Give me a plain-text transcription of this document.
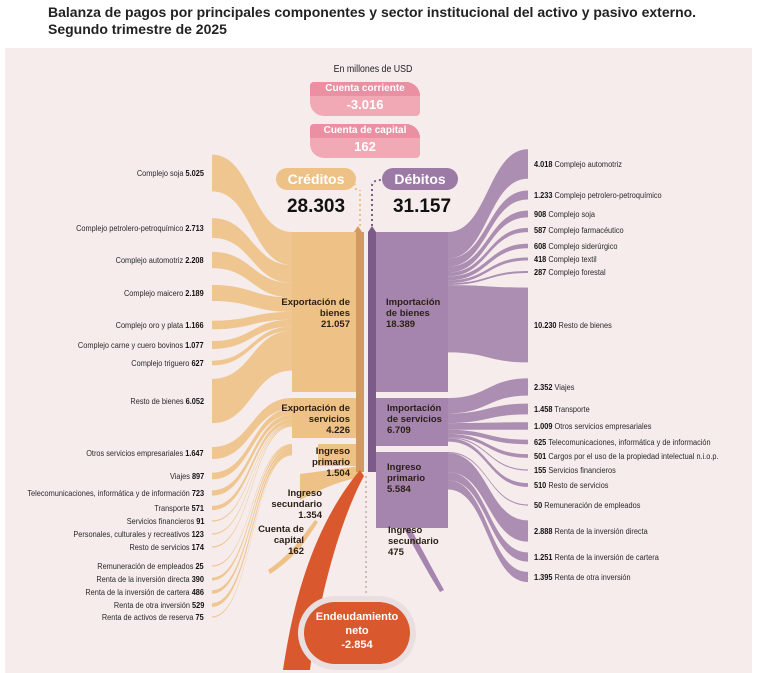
Balanza de pagos por principales componentes y sector institucional del activo y pasivo externo.
Segundo trimestre de 2025
En millones de USD
Cuenta corriente
-3.016
Cuenta de capital
162
Créditos	Débitos
28.303	31.157
Exportación de
bienes
21.057
Exportación de
servicios
4.226
Ingreso
primario
1.504
Ingreso
secundario
1.354
Cuenta de
capital
162
Importación
de bienes
18.389
Importación
de servicios
6.709
Ingreso
primario
5.584
Ingreso
secundario
475
Endeudamiento
neto
-2.854
Complejo soja 5.025
Complejo petrolero-petroquímico 2.713
Complejo automotriz 2.208
Complejo maicero 2.189
Complejo oro y plata 1.166
Complejo carne y cuero bovinos 1.077
Complejo triguero 627
Resto de bienes 6.052
Otros servicios empresariales 1.647
Viajes 897
Telecomunicaciones, informática y de información 723
Transporte 571
Servicios financieros 91
Personales, culturales y recreativos 123
Resto de servicios 174
Remuneración de empleados 25
Renta de la inversión directa 390
Renta de la inversión de cartera 486
Renta de otra inversión 529
Renta de activos de reserva 75
4.018 Complejo automotriz
1.233 Complejo petrolero-petroquímico
908 Complejo soja
587 Complejo farmacéutico
608 Complejo siderúrgico
418 Complejo textil
287 Complejo forestal
10.230 Resto de bienes
2.352 Viajes
1.458 Transporte
1.009 Otros servicios empresariales
625 Telecomunicaciones, informática y de información
501 Cargos por el uso de la propiedad intelectual n.i.o.p.
155 Servicios financieros
510 Resto de servicios
50 Remuneración de empleados
2.888 Renta de la inversión directa
1.251 Renta de la inversión de cartera
1.395 Renta de otra inversión
